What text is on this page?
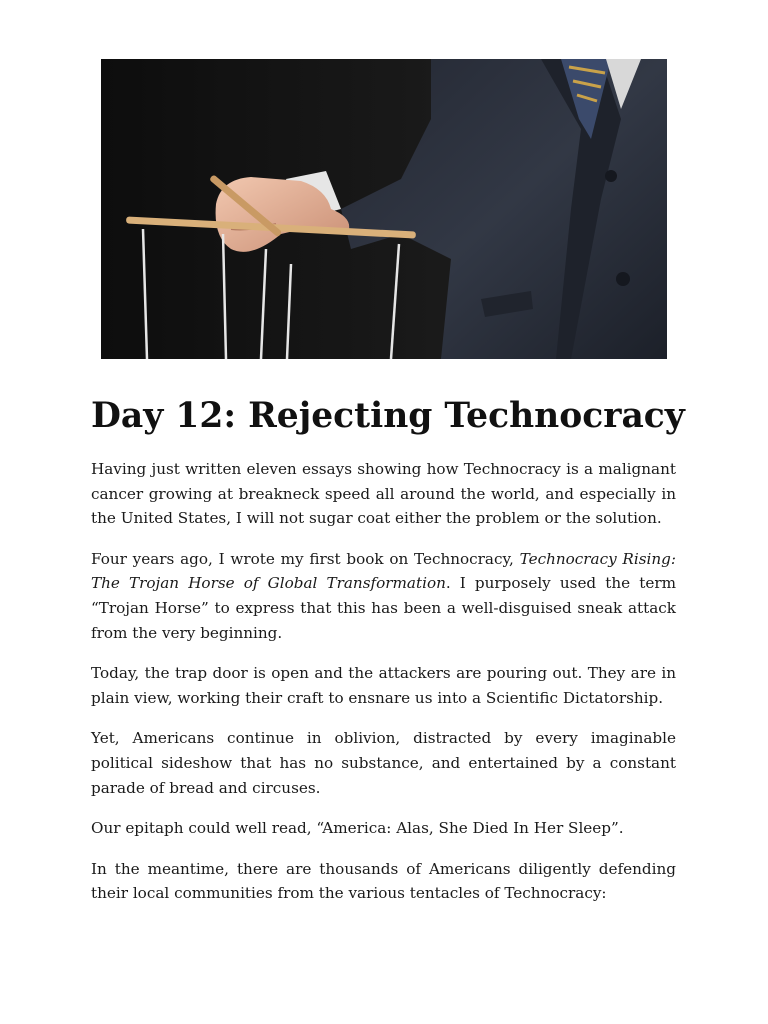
Day 12: Rejecting Technocracy

Having just written eleven essays showing how Technocracy is a malignant cancer growing at breakneck speed all around the world, and especially in the United States, I will not sugar coat either the problem or the solution.

Four years ago, I wrote my first book on Technocracy, Technocracy Rising: The Trojan Horse of Global Transformation. I purposely used the term “Trojan Horse” to express that this has been a well-disguised sneak attack from the very beginning.

Today, the trap door is open and the attackers are pouring out. They are in plain view, working their craft to ensnare us into a Scientific Dictatorship.

Yet, Americans continue in oblivion, distracted by every imaginable political sideshow that has no substance, and entertained by a constant parade of bread and circuses.

Our epitaph could well read, “America: Alas, She Died In Her Sleep”.

In the meantime, there are thousands of Americans diligently defending their local communities from the various tentacles of Technocracy:
